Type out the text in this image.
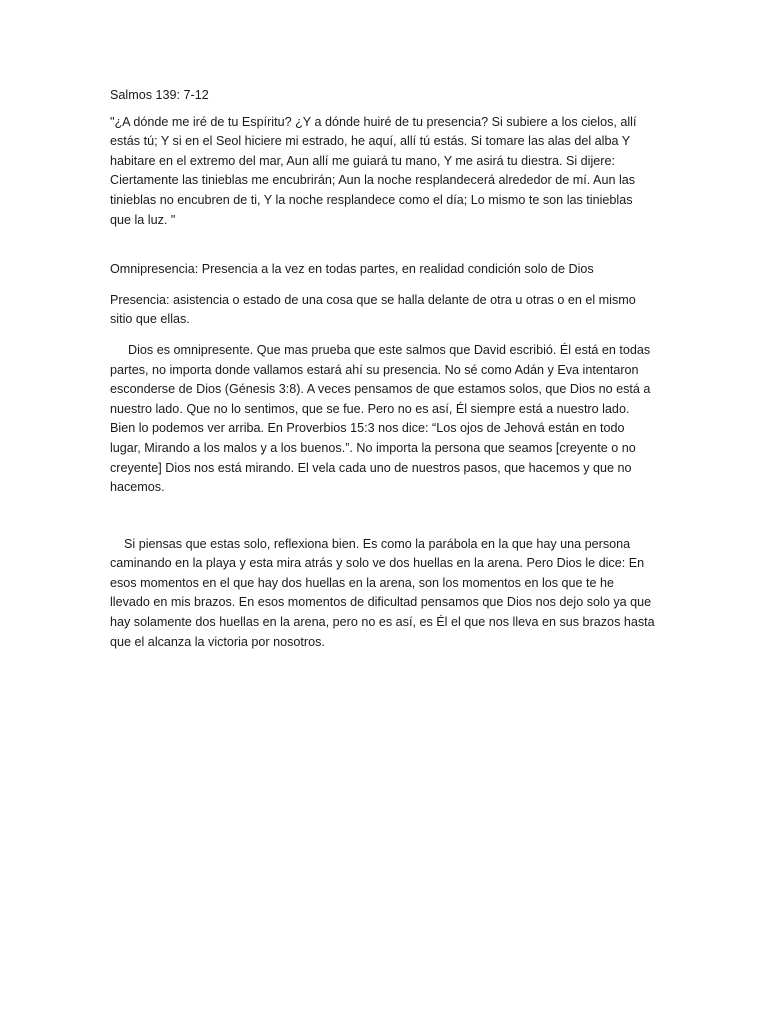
Salmos 139: 7-12

"¿A dónde me iré de tu Espíritu? ¿Y a dónde huiré de tu presencia? Si subiere a los cielos, allí estás tú; Y si en el Seol hiciere mi estrado, he aquí, allí tú estás. Si tomare las alas del alba Y habitare en el extremo del mar, Aun allí me guiará tu mano, Y me asirá tu diestra. Si dijere: Ciertamente las tinieblas me encubrirán; Aun la noche resplandecerá alrededor de mí. Aun las tinieblas no encubren de ti, Y la noche resplandece como el día; Lo mismo te son las tinieblas que la luz. "

Omnipresencia: Presencia a la vez en todas partes, en realidad condición solo de Dios

Presencia: asistencia o estado de una cosa que se halla delante de otra u otras o en el mismo sitio que ellas.

Dios es omnipresente. Que mas prueba que este salmos que David escribió. Él está en todas partes, no importa donde vallamos estará ahí su presencia. No sé como Adán y Eva intentaron esconderse de Dios (Génesis 3:8). A veces pensamos de que estamos solos, que Dios no está a nuestro lado. Que no lo sentimos, que se fue. Pero no es así, Él siempre está a nuestro lado. Bien lo podemos ver arriba. En Proverbios 15:3 nos dice: “Los ojos de Jehová están en todo lugar, Mirando a los malos y a los buenos.”. No importa la persona que seamos [creyente o no creyente] Dios nos está mirando. El vela cada uno de nuestros pasos, que hacemos y que no hacemos.

Si piensas que estas solo, reflexiona bien. Es como la parábola en la que hay una persona caminando en la playa y esta mira atrás y solo ve dos huellas en la arena. Pero Dios le dice: En esos momentos en el que hay dos huellas en la arena, son los momentos en los que te he llevado en mis brazos. En esos momentos de dificultad pensamos que Dios nos dejo solo ya que hay solamente dos huellas en la arena, pero no es así, es Él el que nos lleva en sus brazos hasta que el alcanza la victoria por nosotros.
